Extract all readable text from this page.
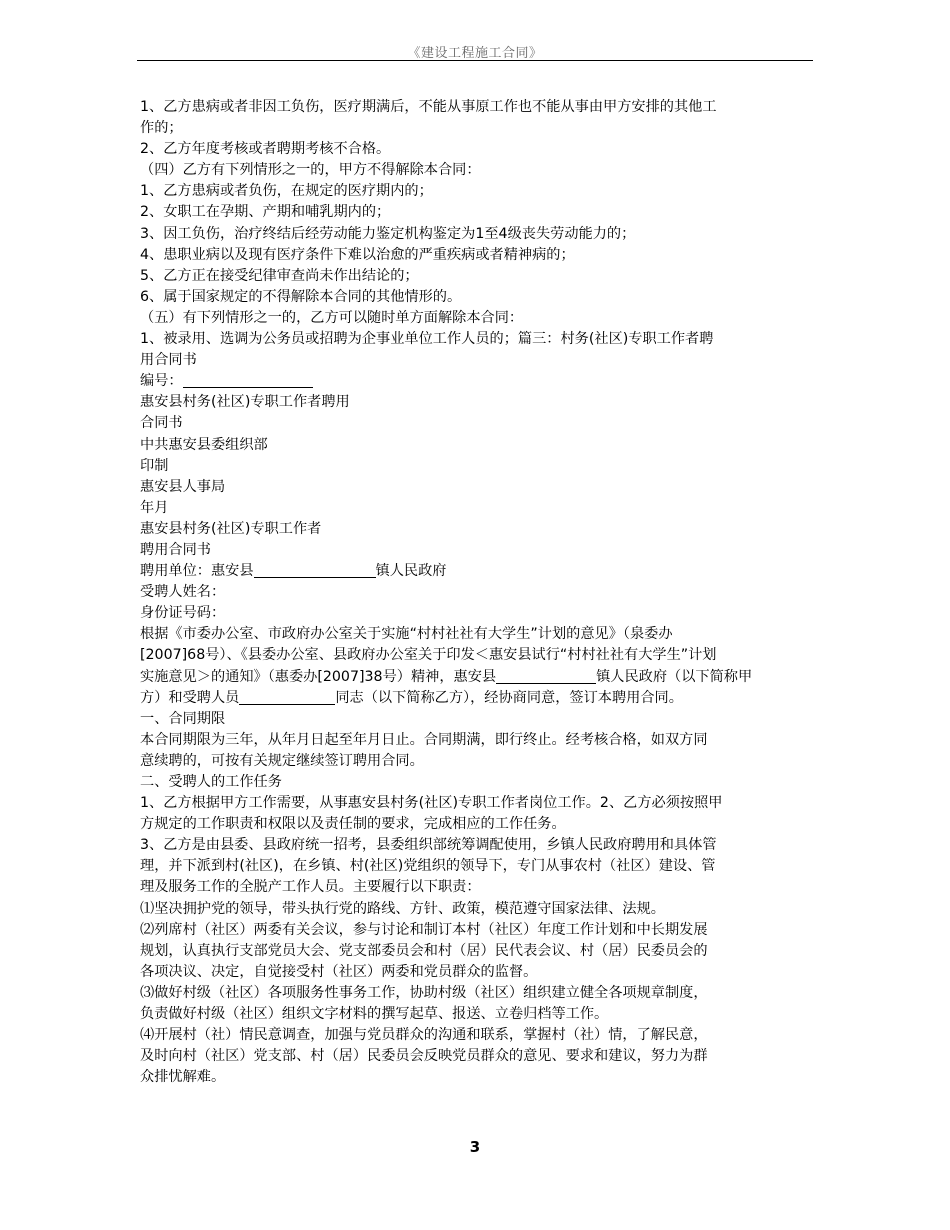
《建设工程施工合同》
1、乙方患病或者非因工负伤，医疗期满后，不能从事原工作也不能从事由甲方安排的其他工
作的；
2、乙方年度考核或者聘期考核不合格。
（四）乙方有下列情形之一的，甲方不得解除本合同：
1、乙方患病或者负伤，在规定的医疗期内的；
2、女职工在孕期、产期和哺乳期内的；
3、因工负伤，治疗终结后经劳动能力鉴定机构鉴定为1至4级丧失劳动能力的；
4、患职业病以及现有医疗条件下难以治愈的严重疾病或者精神病的；
5、乙方正在接受纪律审查尚未作出结论的；
6、属于国家规定的不得解除本合同的其他情形的。
（五）有下列情形之一的，乙方可以随时单方面解除本合同：
1、被录用、选调为公务员或招聘为企事业单位工作人员的；篇三：村务(社区)专职工作者聘
用合同书
编号：
惠安县村务(社区)专职工作者聘用
合同书
中共惠安县委组织部
印制
惠安县人事局
年月
惠安县村务(社区)专职工作者
聘用合同书
聘用单位：惠安县	镇人民政府
受聘人姓名：
身份证号码：
根据《市委办公室、市政府办公室关于实施“村村社社有大学生”计划的意见》（泉委办
[2007]68号）、《县委办公室、县政府办公室关于印发＜惠安县试行“村村社社有大学生”计划
实施意见＞的通知》（惠委办[2007]38号）精神，惠安县	镇人民政府（以下简称甲
方）和受聘人员	同志（以下简称乙方），经协商同意，签订本聘用合同。
一、合同期限
本合同期限为三年，从年月日起至年月日止。合同期满，即行终止。经考核合格，如双方同
意续聘的，可按有关规定继续签订聘用合同。
二、受聘人的工作任务
1、乙方根据甲方工作需要，从事惠安县村务(社区)专职工作者岗位工作。2、乙方必须按照甲
方规定的工作职责和权限以及责任制的要求，完成相应的工作任务。
3、乙方是由县委、县政府统一招考，县委组织部统筹调配使用，乡镇人民政府聘用和具体管
理，并下派到村(社区)，在乡镇、村(社区)党组织的领导下，专门从事农村（社区）建设、管
理及服务工作的全脱产工作人员。主要履行以下职责：
⑴坚决拥护党的领导，带头执行党的路线、方针、政策，模范遵守国家法律、法规。
⑵列席村（社区）两委有关会议，参与讨论和制订本村（社区）年度工作计划和中长期发展
规划，认真执行支部党员大会、党支部委员会和村（居）民代表会议、村（居）民委员会的
各项决议、决定，自觉接受村（社区）两委和党员群众的监督。
⑶做好村级（社区）各项服务性事务工作，协助村级（社区）组织建立健全各项规章制度，
负责做好村级（社区）组织文字材料的撰写起草、报送、立卷归档等工作。
⑷开展村（社）情民意调查，加强与党员群众的沟通和联系，掌握村（社）情，了解民意，
及时向村（社区）党支部、村（居）民委员会反映党员群众的意见、要求和建议，努力为群
众排忧解难。
3
